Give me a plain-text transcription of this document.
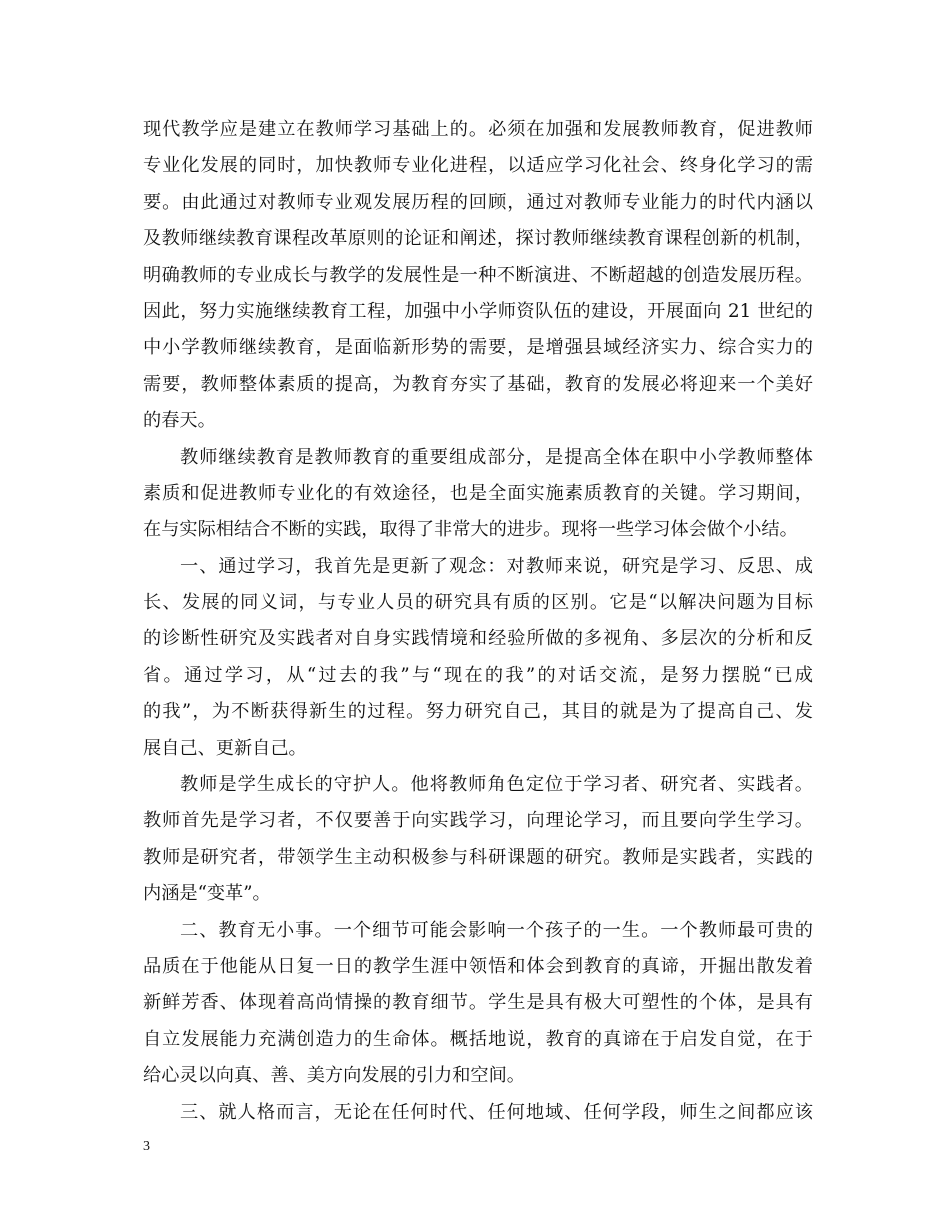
现代教学应是建立在教师学习基础上的。必须在加强和发展教师教育，促进教师
专业化发展的同时，加快教师专业化进程，以适应学习化社会、终身化学习的需
要。由此通过对教师专业观发展历程的回顾，通过对教师专业能力的时代内涵以
及教师继续教育课程改革原则的论证和阐述，探讨教师继续教育课程创新的机制，
明确教师的专业成长与教学的发展性是一种不断演进、不断超越的创造发展历程。
因此，努力实施继续教育工程，加强中小学师资队伍的建设，开展面向 21 世纪的
中小学教师继续教育，是面临新形势的需要，是增强县域经济实力、综合实力的
需要，教师整体素质的提高，为教育夯实了基础，教育的发展必将迎来一个美好
的春天。
教师继续教育是教师教育的重要组成部分，是提高全体在职中小学教师整体
素质和促进教师专业化的有效途径，也是全面实施素质教育的关键。学习期间，
在与实际相结合不断的实践，取得了非常大的进步。现将一些学习体会做个小结。
一、通过学习，我首先是更新了观念：对教师来说，研究是学习、反思、成
长、发展的同义词，与专业人员的研究具有质的区别。它是“以解决问题为目标
的诊断性研究及实践者对自身实践情境和经验所做的多视角、多层次的分析和反
省。通过学习，从“过去的我”与“现在的我”的对话交流，是努力摆脱“已成
的我”，为不断获得新生的过程。努力研究自己，其目的就是为了提高自己、发
展自己、更新自己。
教师是学生成长的守护人。他将教师角色定位于学习者、研究者、实践者。
教师首先是学习者，不仅要善于向实践学习，向理论学习，而且要向学生学习。
教师是研究者，带领学生主动积极参与科研课题的研究。教师是实践者，实践的
内涵是“变革”。
二、教育无小事。一个细节可能会影响一个孩子的一生。一个教师最可贵的
品质在于他能从日复一日的教学生涯中领悟和体会到教育的真谛，开掘出散发着
新鲜芳香、体现着高尚情操的教育细节。学生是具有极大可塑性的个体，是具有
自立发展能力充满创造力的生命体。概括地说，教育的真谛在于启发自觉，在于
给心灵以向真、善、美方向发展的引力和空间。
三、就人格而言，无论在任何时代、任何地域、任何学段，师生之间都应该
3
